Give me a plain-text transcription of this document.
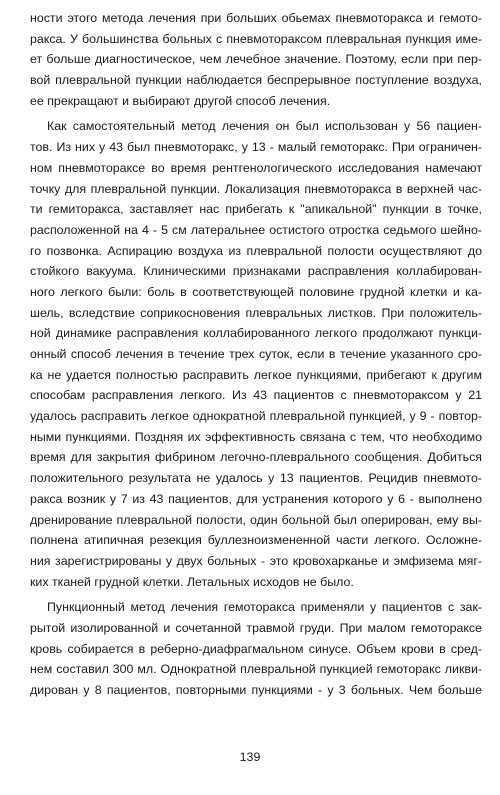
ности этого метода лечения при больших обьемах пневмоторакса и гемото-
ракса. У большинства больных с пневмотораксом плевральная пункция име-
ет больше диагностическое, чем лечебное значение. Поэтому, если при пер-
вой плевральной пункции наблюдается беспрерывное поступление воздуха,
ее прекращают и выбирают другой способ лечения.
Как самостоятельный метод лечения он был использован у 56 пациен-
тов. Из них у 43 был пневмоторакс, у 13 - малый гемоторакс. При ограничен-
ном пневмотораксе во время рентгенологического исследования намечают
точку для плевральной пункции. Локализация пневмоторакса в верхней час-
ти гемиторакса, заставляет нас прибегать к "апикальной" пункции в точке,
расположенной на 4 - 5 см латеральнее остистого отростка седьмого шейно-
го позвонка. Аспирацию воздуха из плевральной полости осуществляют до
стойкого вакуума. Клиническими признаками расправления коллабирован-
ного легкого были: боль в соответствующей половине грудной клетки и ка-
шель, вследствие соприкосновения плевральных листков. При положитель-
ной динамике расправления коллабированного легкого продолжают пункци-
онный способ лечения в течение трех суток, если в течение указанного сро-
ка не удается полностью расправить легкое пункциями, прибегают к другим
способам расправления легкого. Из 43 пациентов с пневмотораксом у 21
удалось расправить легкое однократной плевральной пункцией, у 9 - повтор-
ными пункциями. Поздняя их эффективность связана с тем, что необходимо
время для закрытия фибрином легочно-плеврального сообщения. Добиться
положительного результата не удалось у 13 пациентов. Рецидив пневмото-
ракса возник у 7 из 43 пациентов, для устранения которого у 6 - выполнено
дренирование плевральной полости, один больной был оперирован, ему вы-
полнена атипичная резекция буллезноизмененной части легкого. Осложне-
ния зарегистрированы у двух больных - это кровохарканье и эмфизема мяг-
ких тканей грудной клетки. Летальных исходов не было.
Пункционный метод лечения гемоторакса применяли у пациентов с зак-
рытой изолированной и сочетанной травмой груди. При малом гемотораксе
кровь собирается в реберно-диафрагмальном синусе. Объем крови в сред-
нем составил 300 мл. Однократной плевральной пункцией гемоторакс ликви-
дирован у 8 пациентов, повторными пункциями - у 3 больных. Чем больше
139
